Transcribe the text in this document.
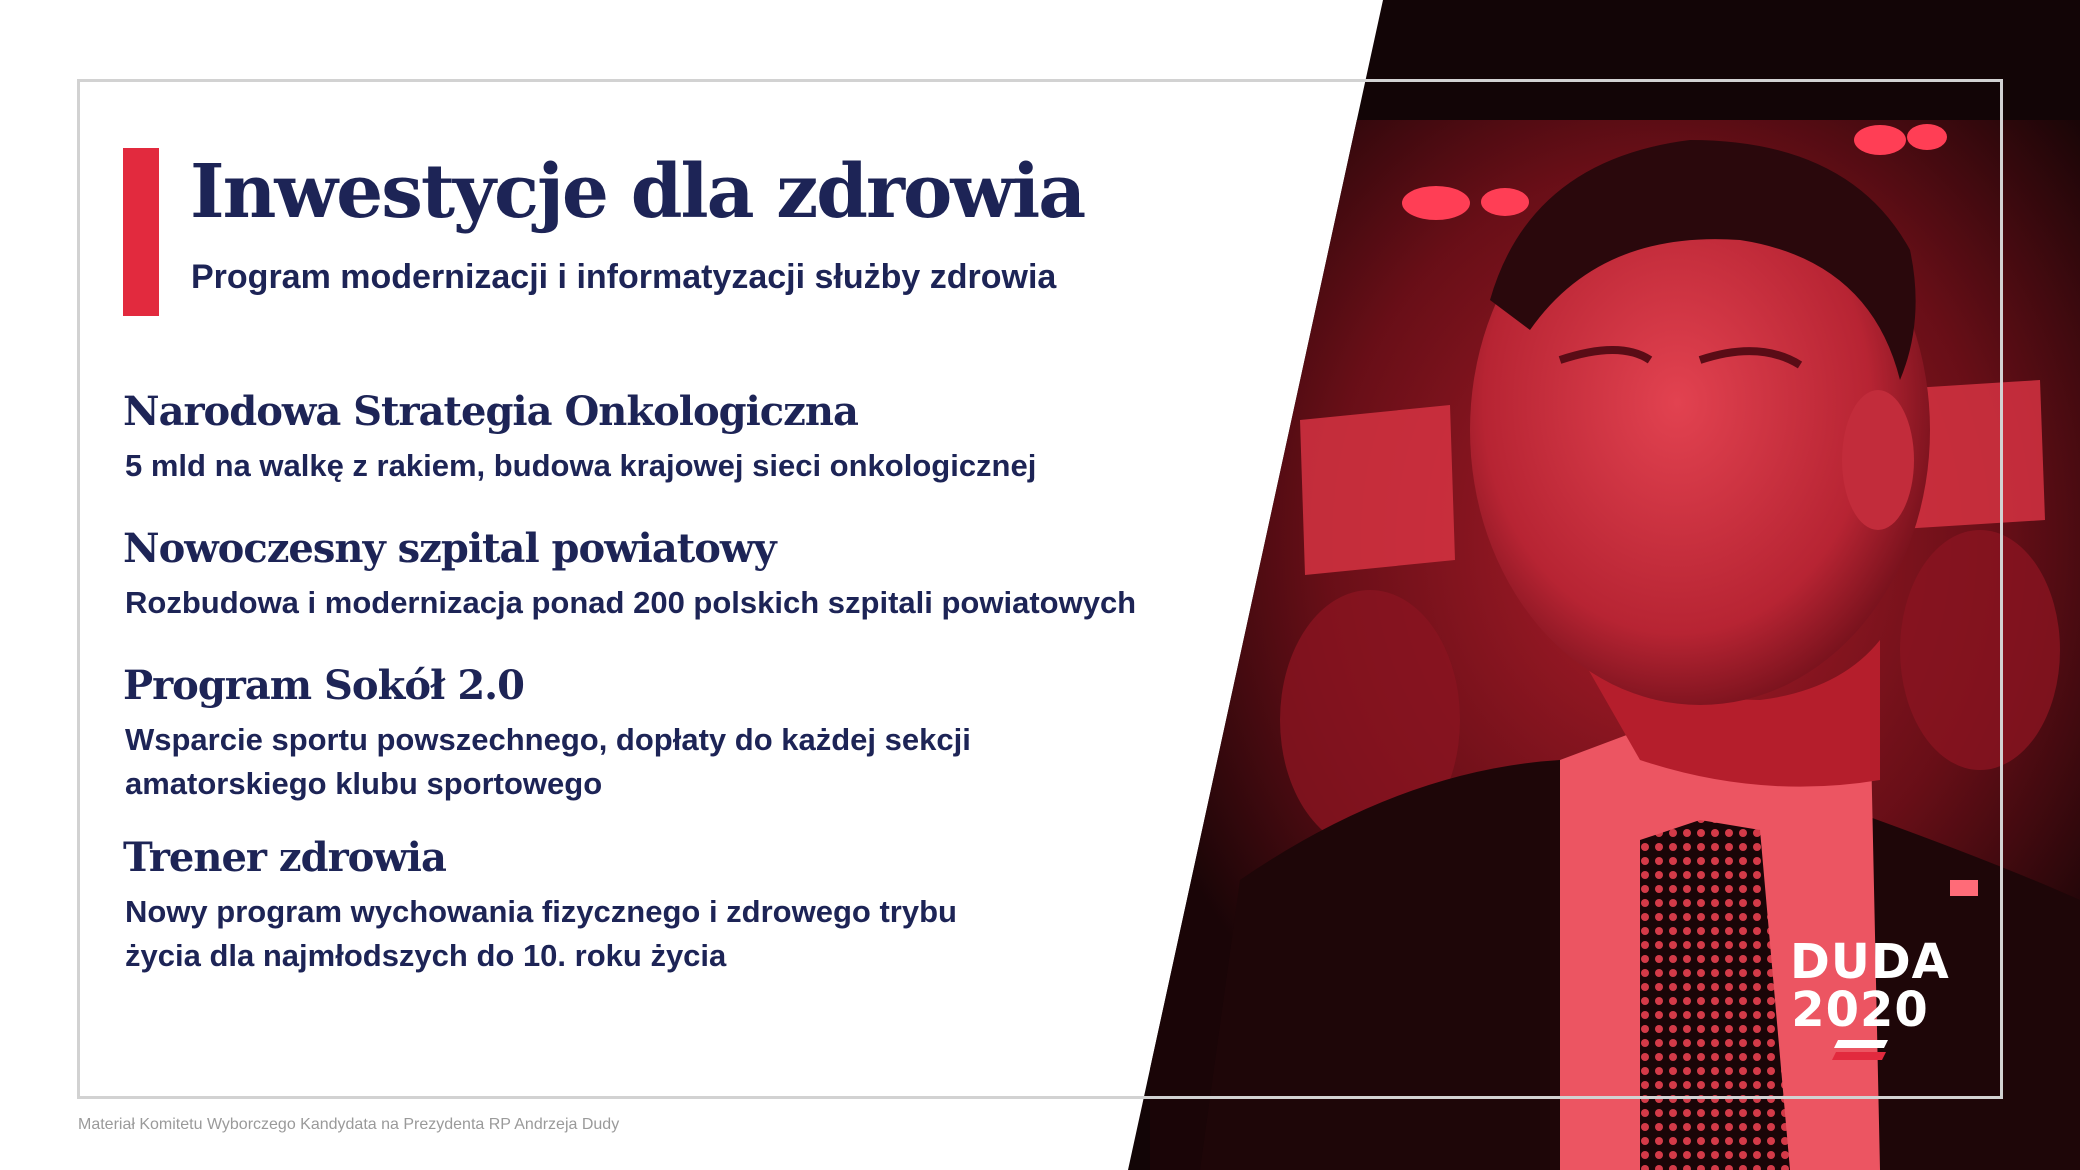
Inwestycje dla zdrowia
Program modernizacji i informatyzacji służby zdrowia
Narodowa Strategia Onkologiczna

5 mld na walkę z rakiem, budowa krajowej sieci onkologicznej

Nowoczesny szpital powiatowy

Rozbudowa i modernizacja ponad 200 polskich szpitali powiatowych

Program Sokół 2.0

Wsparcie sportu powszechnego, dopłaty do każdej sekcji amatorskiego klubu sportowego

Trener zdrowia

Nowy program wychowania fizycznego i zdrowego trybu życia dla najmłodszych do 10. roku życia	DUDA
2020
Materiał Komitetu Wyborczego Kandydata na Prezydenta RP Andrzeja Dudy
